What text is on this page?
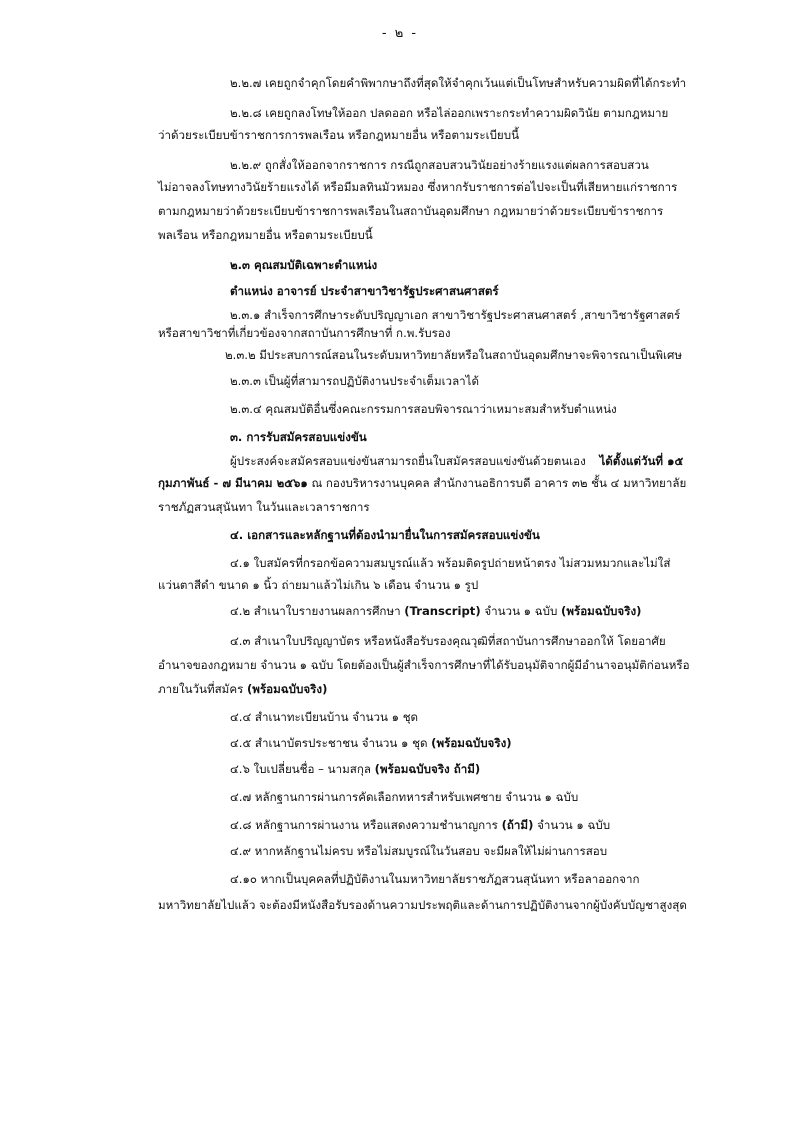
- ๒ -
๒.๒.๗ เคยถูกจำคุกโดยคำพิพากษาถึงที่สุดให้จำคุกเว้นแต่เป็นโทษสำหรับความผิดที่ได้กระทำ
๒.๒.๘ เคยถูกลงโทษให้ออก ปลดออก หรือไล่ออกเพราะกระทำความผิดวินัย ตามกฎหมาย
ว่าด้วยระเบียบข้าราชการการพลเรือน หรือกฎหมายอื่น หรือตามระเบียบนี้
๒.๒.๙ ถูกสั่งให้ออกจากราชการ กรณีถูกสอบสวนวินัยอย่างร้ายแรงแต่ผลการสอบสวน
ไม่อาจลงโทษทางวินัยร้ายแรงได้ หรือมีมลทินมัวหมอง ซึ่งหากรับราชการต่อไปจะเป็นที่เสียหายแก่ราชการ
ตามกฎหมายว่าด้วยระเบียบข้าราชการพลเรือนในสถาบันอุดมศึกษา กฎหมายว่าด้วยระเบียบข้าราชการ
พลเรือน หรือกฎหมายอื่น หรือตามระเบียบนี้
๒.๓ คุณสมบัติเฉพาะตำแหน่ง
ตำแหน่ง อาจารย์ ประจำสาขาวิชารัฐประศาสนศาสตร์
๒.๓.๑ สำเร็จการศึกษาระดับปริญญาเอก สาขาวิชารัฐประศาสนศาสตร์ ,สาขาวิชารัฐศาสตร์
หรือสาขาวิชาที่เกี่ยวข้องจากสถาบันการศึกษาที่ ก.พ.รับรอง
๒.๓.๒ มีประสบการณ์สอนในระดับมหาวิทยาลัยหรือในสถาบันอุดมศึกษาจะพิจารณาเป็นพิเศษ
๒.๓.๓ เป็นผู้ที่สามารถปฏิบัติงานประจำเต็มเวลาได้
๒.๓.๔ คุณสมบัติอื่นซึ่งคณะกรรมการสอบพิจารณาว่าเหมาะสมสำหรับตำแหน่ง
๓. การรับสมัครสอบแข่งขัน
ผู้ประสงค์จะสมัครสอบแข่งขันสามารถยื่นใบสมัครสอบแข่งขันด้วยตนเอง ได้ตั้งแต่วันที่ ๑๕
กุมภาพันธ์ - ๗ มีนาคม ๒๕๖๑ ณ กองบริหารงานบุคคล สำนักงานอธิการบดี อาคาร ๓๒ ชั้น ๔ มหาวิทยาลัย
ราชภัฏสวนสุนันทา ในวันและเวลาราชการ
๔. เอกสารและหลักฐานที่ต้องนำมายื่นในการสมัครสอบแข่งขัน
๔.๑ ใบสมัครที่กรอกข้อความสมบูรณ์แล้ว พร้อมติดรูปถ่ายหน้าตรง ไม่สวมหมวกและไม่ใส่
แว่นตาสีดำ ขนาด ๑ นิ้ว ถ่ายมาแล้วไม่เกิน ๖ เดือน จำนวน ๑ รูป
๔.๒ สำเนาใบรายงานผลการศึกษา (Transcript) จำนวน ๑ ฉบับ (พร้อมฉบับจริง)
๔.๓ สำเนาใบปริญญาบัตร หรือหนังสือรับรองคุณวุฒิที่สถาบันการศึกษาออกให้ โดยอาศัย
อำนาจของกฎหมาย จำนวน ๑ ฉบับ โดยต้องเป็นผู้สำเร็จการศึกษาที่ได้รับอนุมัติจากผู้มีอำนาจอนุมัติก่อนหรือ
ภายในวันที่สมัคร (พร้อมฉบับจริง)
๔.๔ สำเนาทะเบียนบ้าน จำนวน ๑ ชุด
๔.๕ สำเนาบัตรประชาชน จำนวน ๑ ชุด (พร้อมฉบับจริง)
๔.๖ ใบเปลี่ยนชื่อ – นามสกุล (พร้อมฉบับจริง ถ้ามี)
๔.๗ หลักฐานการผ่านการคัดเลือกทหารสำหรับเพศชาย จำนวน ๑ ฉบับ
๔.๘ หลักฐานการผ่านงาน หรือแสดงความชำนาญการ (ถ้ามี) จำนวน ๑ ฉบับ
๔.๙ หากหลักฐานไม่ครบ หรือไม่สมบูรณ์ในวันสอบ จะมีผลให้ไม่ผ่านการสอบ
๔.๑๐ หากเป็นบุคคลที่ปฏิบัติงานในมหาวิทยาลัยราชภัฏสวนสุนันทา หรือลาออกจาก
มหาวิทยาลัยไปแล้ว จะต้องมีหนังสือรับรองด้านความประพฤติและด้านการปฏิบัติงานจากผู้บังคับบัญชาสูงสุด
